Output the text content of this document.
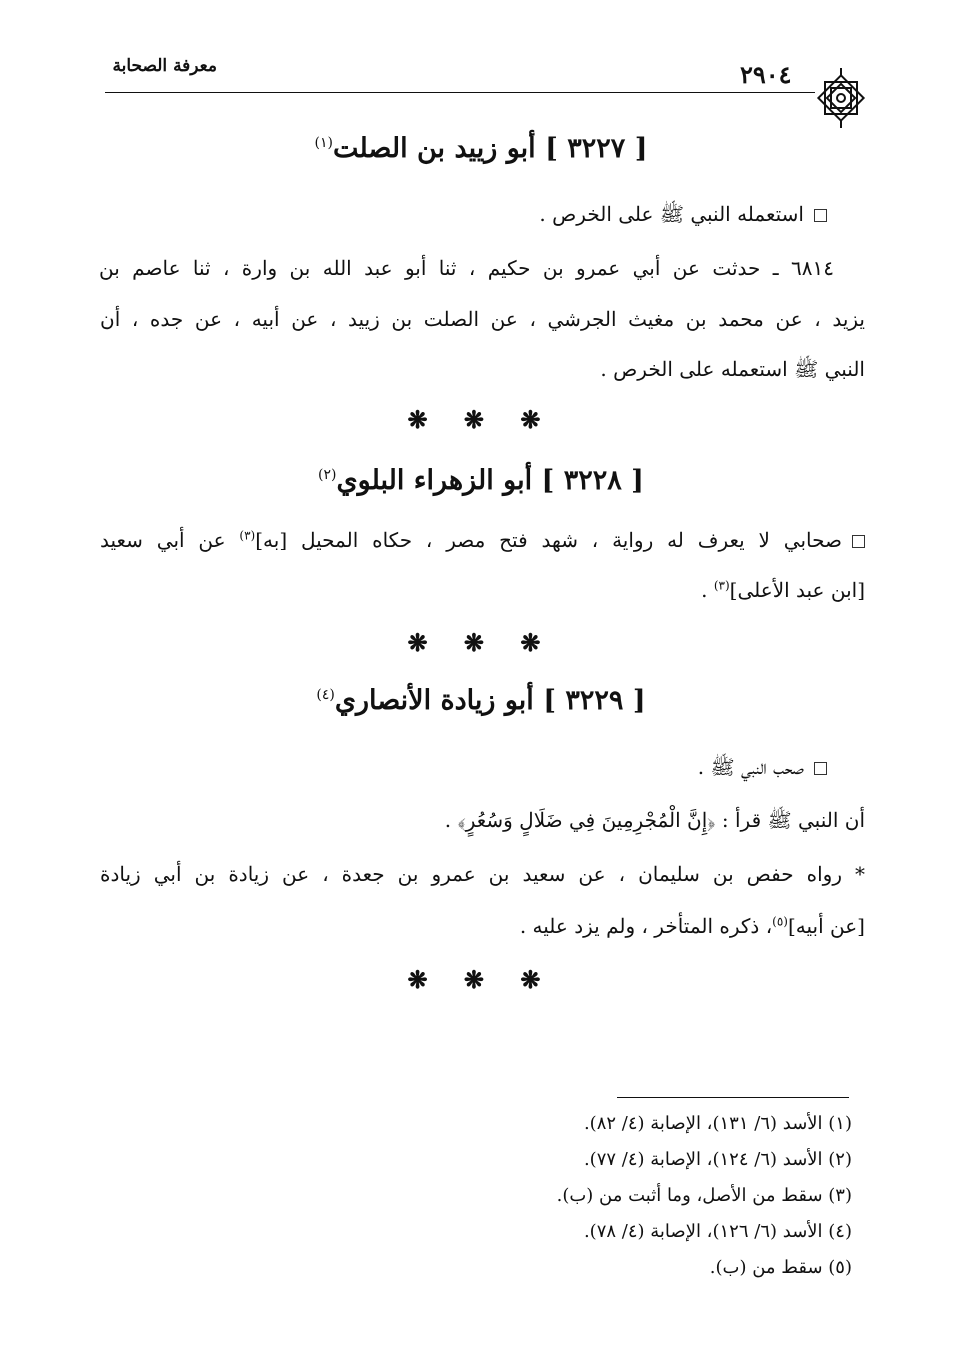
معرفة الصحابة	٢٩٠٤
[ ٣٢٢٧ ] أبو زييد بن الصلت$^{(١)}$
استعمله النبي ﷺ على الخرص .
٦٨١٤ ـ حدثت عن أبي عمرو بن حكيم ، ثنا أبو عبد الله بن وارة ، ثنا عاصم بن
يزيد ، عن محمد بن مغيث الجرشي ، عن الصلت بن زييد ، عن أبيه ، عن جده ، أن
النبي ﷺ استعمله على الخرص .
❋ ❋ ❋
[ ٣٢٢٨ ] أبو الزهراء البلوي$^{(٢)}$
صحابي لا يعرف له رواية ، شهد فتح مصر ، حكاه المحيل [به]$^{(٣)}$ عن أبي سعيد
[ابن عبد الأعلى]$^{(٣)}$ .
❋ ❋ ❋
[ ٣٢٢٩ ] أبو زيادة الأنصاري$^{(٤)}$
صحب النبي ﷺ .
أن النبي ﷺ قرأ : ﴿إِنَّ الْمُجْرِمِينَ فِي ضَلَالٍ وَسُعُرٍ﴾ .
* رواه حفص بن سليمان ، عن سعيد بن عمرو بن جعدة ، عن زيادة بن أبي زيادة
[عن أبيه]$^{(٥)}$، ذكره المتأخر ، ولم يزد عليه .
❋ ❋ ❋
(١) الأسد (٦/ ١٣١)، الإصابة (٤/ ٨٢).
(٢) الأسد (٦/ ١٢٤)، الإصابة (٤/ ٧٧).
(٣) سقط من الأصل، وما أثبت من (ب).
(٤) الأسد (٦/ ١٢٦)، الإصابة (٤/ ٧٨).
(٥) سقط من (ب).
